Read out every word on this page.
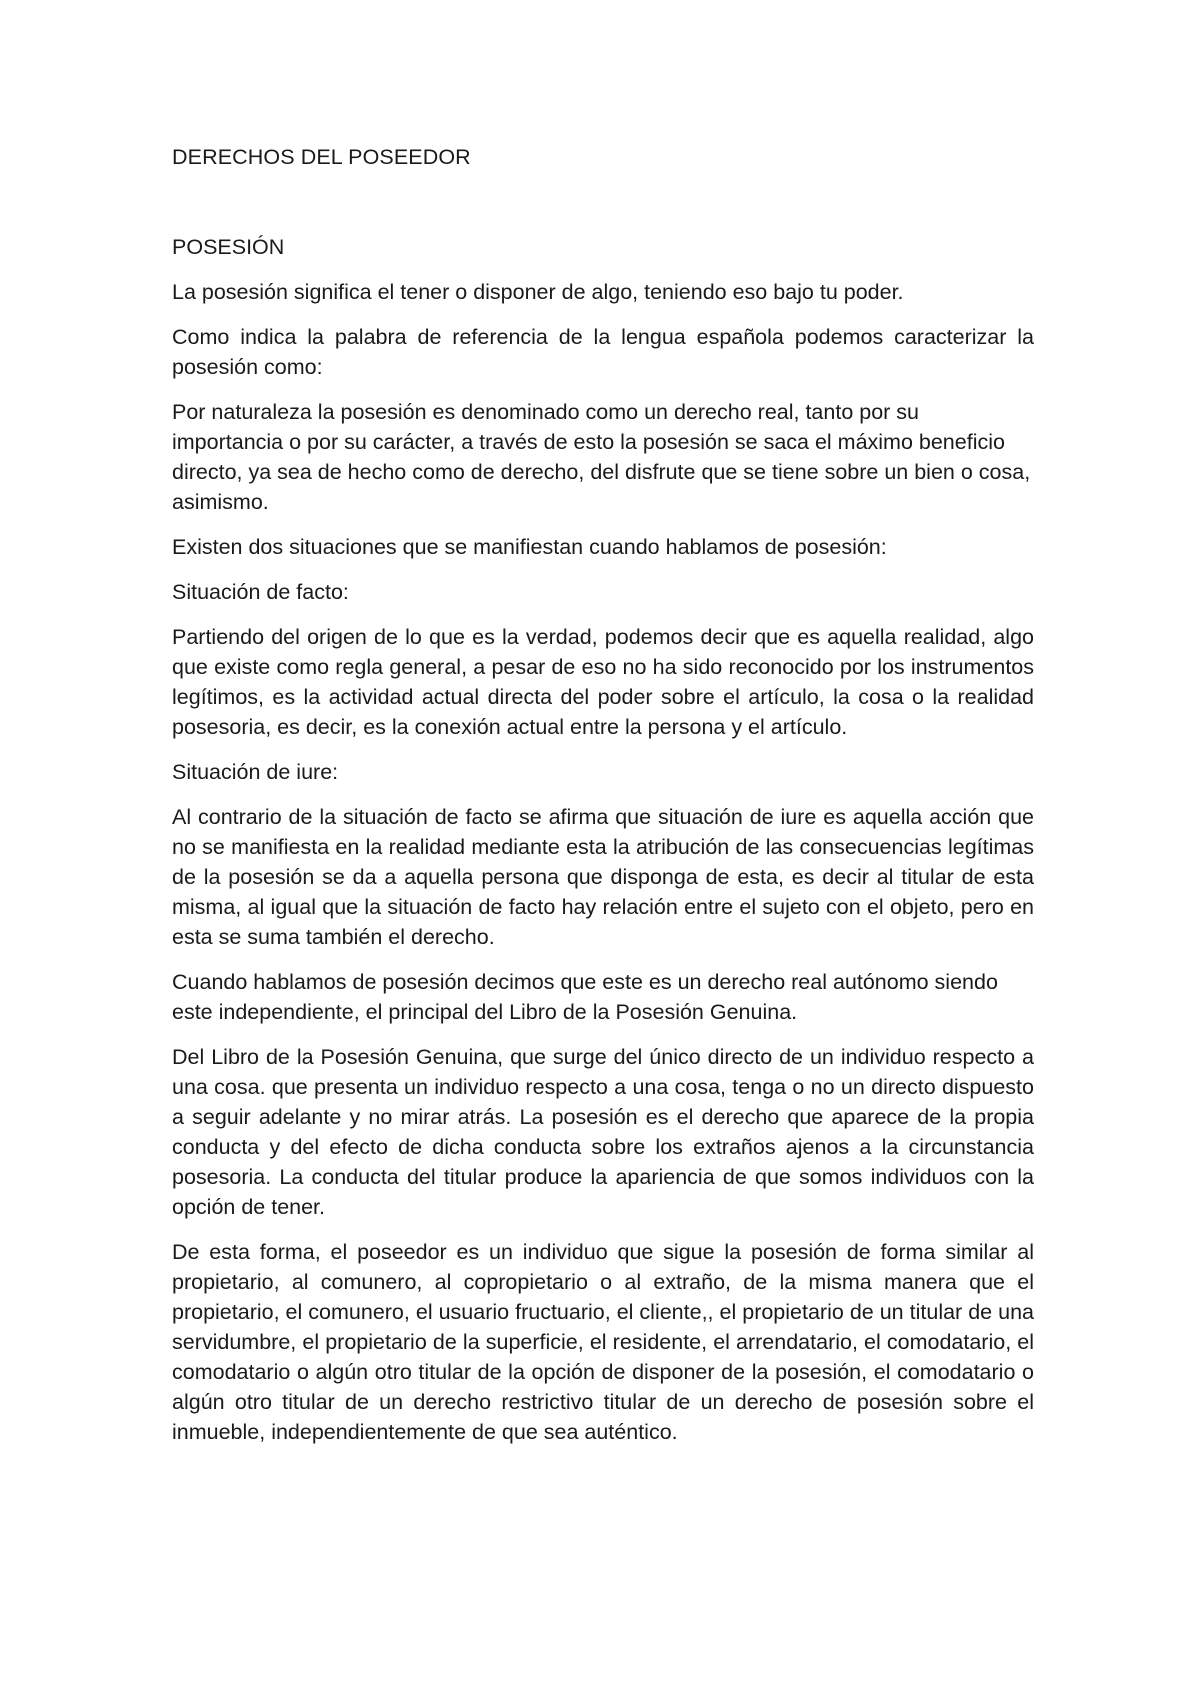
DERECHOS DEL POSEEDOR
POSESIÓN

La posesión significa el tener o disponer de algo, teniendo eso bajo tu poder.

Como indica la palabra de referencia de la lengua española podemos caracterizar la posesión como:

Por naturaleza la posesión es denominado como un derecho real, tanto por su importancia o por su carácter, a través de esto la posesión se saca el máximo beneficio directo, ya sea de hecho como de derecho, del disfrute que se tiene sobre un bien o cosa, asimismo.

Existen dos situaciones que se manifiestan cuando hablamos de posesión:

Situación de facto:

Partiendo del origen de lo que es la verdad, podemos decir que es aquella realidad, algo que existe como regla general, a pesar de eso no ha sido reconocido por los instrumentos legítimos, es la actividad actual directa del poder sobre el artículo, la cosa o la realidad posesoria, es decir, es la conexión actual entre la persona y el artículo.

Situación de iure:

Al contrario de la situación de facto se afirma que situación de iure es aquella acción que no se manifiesta en la realidad mediante esta la atribución de las consecuencias legítimas de la posesión se da a aquella persona que disponga de esta, es decir al titular de esta misma, al igual que la situación de facto hay relación entre el sujeto con el objeto, pero en esta se suma también el derecho.

Cuando hablamos de posesión decimos que este es un derecho real autónomo siendo este independiente, el principal del Libro de la Posesión Genuina.

Del Libro de la Posesión Genuina, que surge del único directo de un individuo respecto a una cosa. que presenta un individuo respecto a una cosa, tenga o no un directo dispuesto a seguir adelante y no mirar atrás. La posesión es el derecho que aparece de la propia conducta y del efecto de dicha conducta sobre los extraños ajenos a la circunstancia posesoria. La conducta del titular produce la apariencia de que somos individuos con la opción de tener.

De esta forma, el poseedor es un individuo que sigue la posesión de forma similar al propietario, al comunero, al copropietario o al extraño, de la misma manera que el propietario, el comunero, el usuario fructuario, el cliente,, el propietario de un titular de una servidumbre, el propietario de la superficie, el residente, el arrendatario, el comodatario, el comodatario o algún otro titular de la opción de disponer de la posesión, el comodatario o algún otro titular de un derecho restrictivo titular de un derecho de posesión sobre el inmueble, independientemente de que sea auténtico.
